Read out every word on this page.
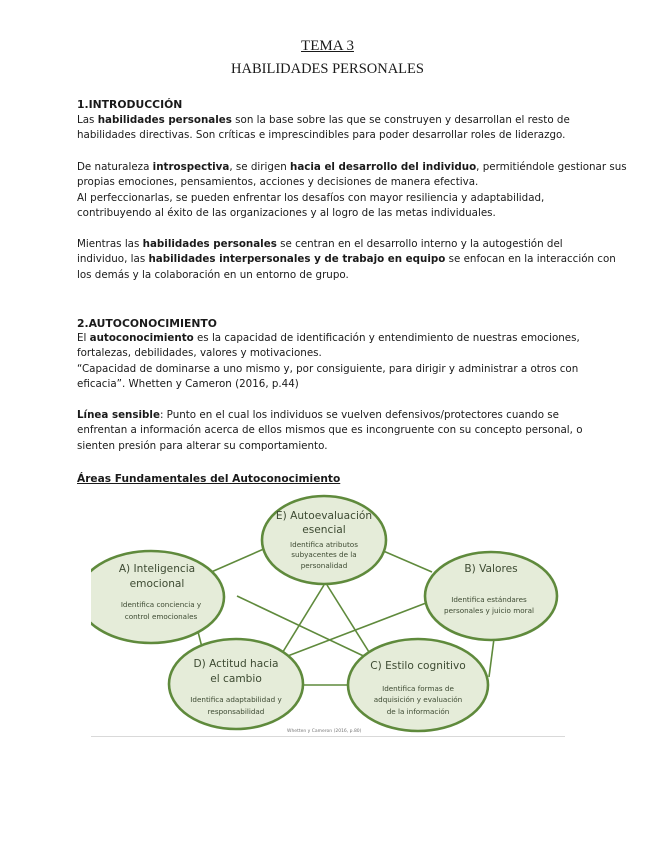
TEMA 3
HABILIDADES PERSONALES
1.INTRODUCCIÓN
Las habilidades personales son la base sobre las que se construyen y desarrollan el resto de
habilidades directivas. Son críticas e imprescindibles para poder desarrollar roles de liderazgo.
De naturaleza introspectiva, se dirigen hacia el desarrollo del individuo, permitiéndole gestionar sus
propias emociones, pensamientos, acciones y decisiones de manera efectiva.
Al perfeccionarlas, se pueden enfrentar los desafíos con mayor resiliencia y adaptabilidad,
contribuyendo al éxito de las organizaciones y al logro de las metas individuales.
Mientras las habilidades personales se centran en el desarrollo interno y la autogestión del
individuo, las habilidades interpersonales y de trabajo en equipo se enfocan en la interacción con
los demás y la colaboración en un entorno de grupo.
2.AUTOCONOCIMIENTO
El autoconocimiento es la capacidad de identificación y entendimiento de nuestras emociones,
fortalezas, debilidades, valores y motivaciones.
“Capacidad de dominarse a uno mismo y, por consiguiente, para dirigir y administrar a otros con
eficacia”. Whetten y Cameron (2016, p.44)
Línea sensible: Punto en el cual los individuos se vuelven defensivos/protectores cuando se
enfrentan a información acerca de ellos mismos que es incongruente con su concepto personal, o
sienten presión para alterar su comportamiento.
Áreas Fundamentales del Autoconocimiento
E) Autoevaluación
esencial
Identifica atributos
subyacentes de la
personalidad
A) Inteligencia
emocional
Identifica conciencia y
control emocionales
B) Valores
Identifica estándares
personales y juicio moral
D) Actitud hacia
el cambio
Identifica adaptabilidad y
responsabilidad
C) Estilo cognitivo
Identifica formas de
adquisición y evaluación
de la información
Whetten y Cameron (2016, p.80)
